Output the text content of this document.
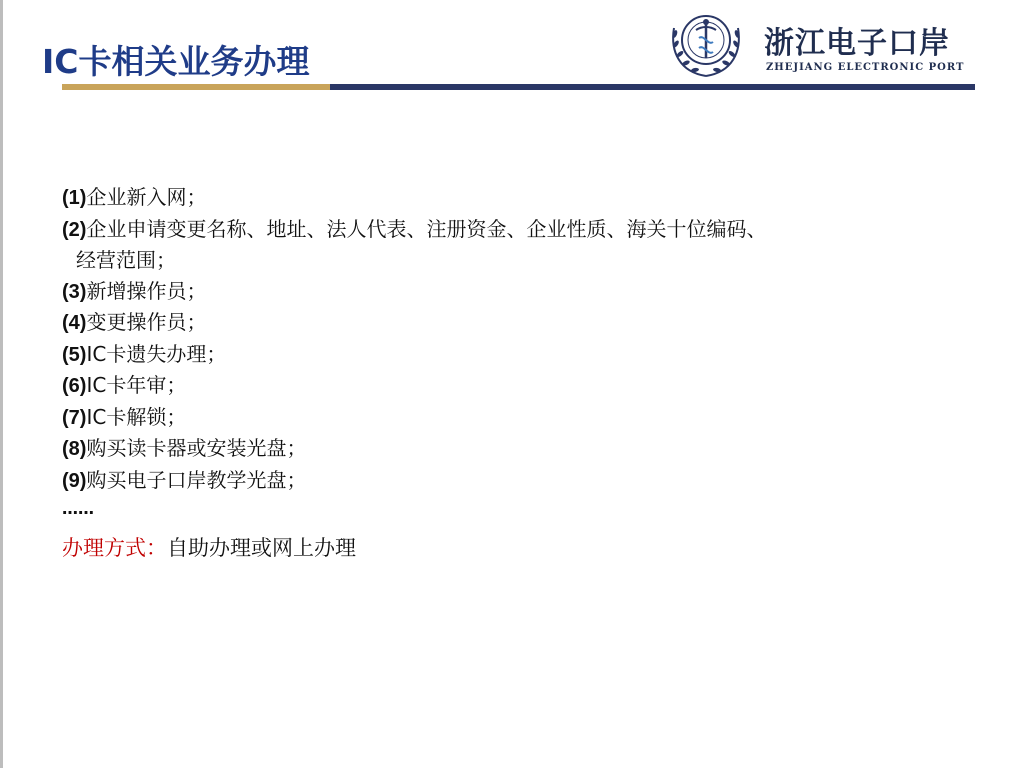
IC卡相关业务办理	浙江电子口岸
ZHEJIANG ELECTRONIC PORT
(1)企业新入网；
(2)企业申请变更名称、地址、法人代表、注册资金、企业性质、海关十位编码、
经营范围；
(3)新增操作员；
(4)变更操作员；
(5)IC卡遗失办理；
(6)IC卡年审；
(7)IC卡解锁；
(8)购买读卡器或安装光盘；
(9)购买电子口岸教学光盘；
……
办理方式：自助办理或网上办理
